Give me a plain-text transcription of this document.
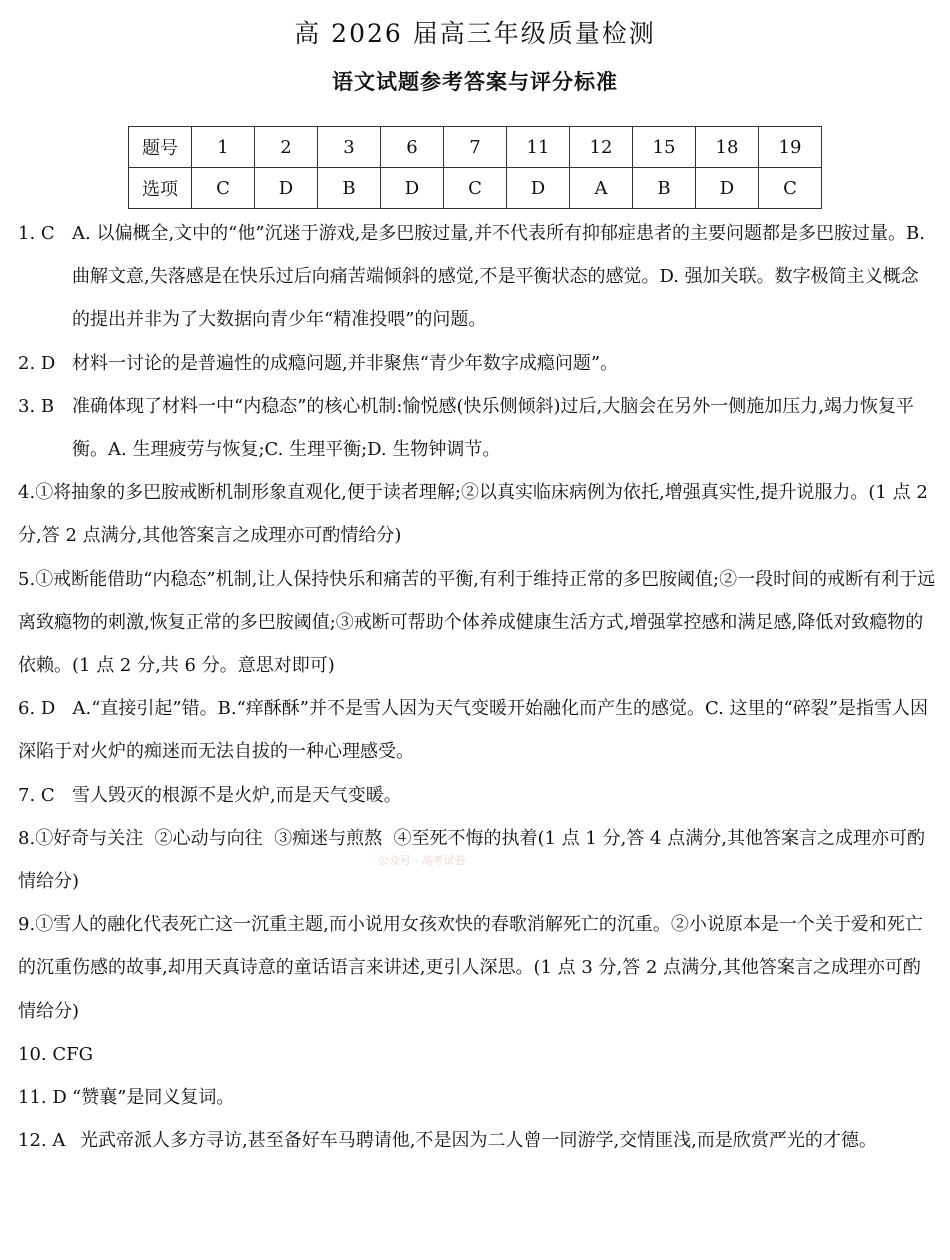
高 2026 届高三年级质量检测
语文试题参考答案与评分标准
题号	1	2	3	6	7	11	12	15	18	19
选项	C	D	B	D	C	D	A	B	D	C
1. C A. 以偏概全,文中的“他”沉迷于游戏,是多巴胺过量,并不代表所有抑郁症患者的主要问题都是多巴胺过量。B. 曲解文意,失落感是在快乐过后向痛苦端倾斜的感觉,不是平衡状态的感觉。D. 强加关联。数字极简主义概念的提出并非为了大数据向青少年“精准投喂”的问题。
2. D 材料一讨论的是普遍性的成瘾问题,并非聚焦“青少年数字成瘾问题”。
3. B 准确体现了材料一中“内稳态”的核心机制:愉悦感(快乐侧倾斜)过后,大脑会在另外一侧施加压力,竭力恢复平衡。A. 生理疲劳与恢复;C. 生理平衡;D. 生物钟调节。
4.①将抽象的多巴胺戒断机制形象直观化,便于读者理解;②以真实临床病例为依托,增强真实性,提升说服力。(1 点 2 分,答 2 点满分,其他答案言之成理亦可酌情给分)
5.①戒断能借助“内稳态”机制,让人保持快乐和痛苦的平衡,有利于维持正常的多巴胺阈值;②一段时间的戒断有利于远离致瘾物的刺激,恢复正常的多巴胺阈值;③戒断可帮助个体养成健康生活方式,增强掌控感和满足感,降低对致瘾物的依赖。(1 点 2 分,共 6 分。意思对即可)
6. D A.“直接引起”错。B.“痒酥酥”并不是雪人因为天气变暖开始融化而产生的感觉。C. 这里的“碎裂”是指雪人因深陷于对火炉的痴迷而无法自拔的一种心理感受。
7. C 雪人毁灭的根源不是火炉,而是天气变暖。
8.①好奇与关注  ②心动与向往  ③痴迷与煎熬  ④至死不悔的执着(1 点 1 分,答 4 点满分,其他答案言之成理亦可酌情给分)
9.①雪人的融化代表死亡这一沉重主题,而小说用女孩欢快的春歌消解死亡的沉重。②小说原本是一个关于爱和死亡的沉重伤感的故事,却用天真诗意的童话语言来讲述,更引人深思。(1 点 3 分,答 2 点满分,其他答案言之成理亦可酌情给分)
10. CFG
11. D “赞襄”是同义复词。
12. A 光武帝派人多方寻访,甚至备好车马聘请他,不是因为二人曾一同游学,交情匪浅,而是欣赏严光的才德。
公众号 · 高考试卷
